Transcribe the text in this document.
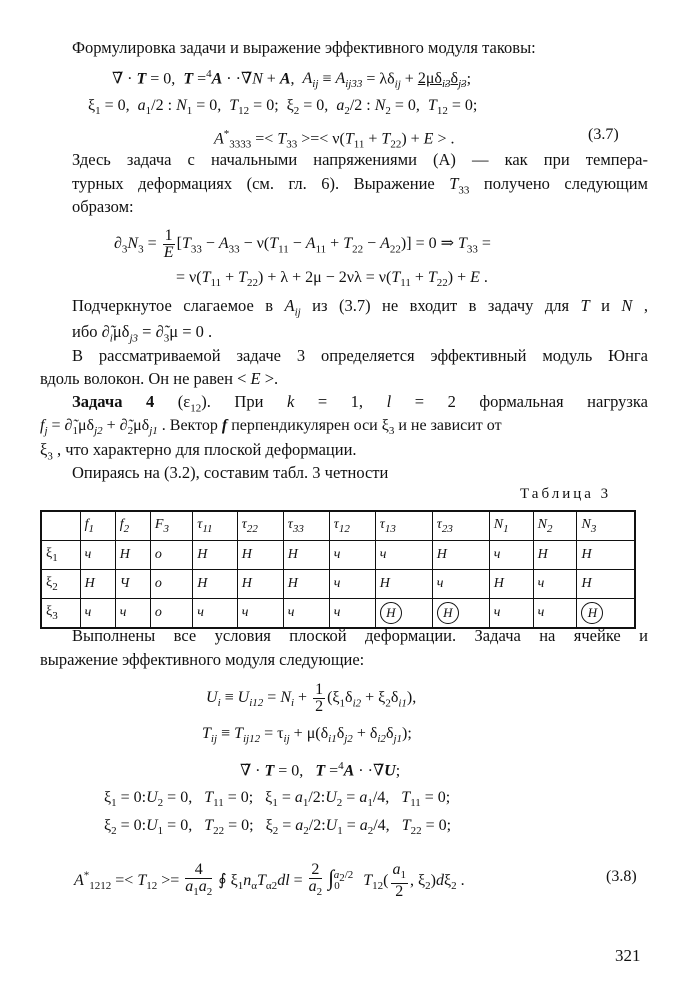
Формулировка задачи и выражение эффективного модуля таковы:
∇̃ · T = 0,  T =$^4$A · ·∇̃N + A,  $A_{ij} \equiv A_{ij33} = \lambda\delta_{ij} + 2\mu\delta_{i3}\delta_{j3}$;
$\xi_1 = 0$,  $a_1/2$ : $N_1 = 0$,  $T_{12} = 0$;  $\xi_2 = 0$,  $a_2/2$ : $N_2 = 0$,  $T_{12} = 0$;
$A^*_{3333} =< T_{33}$ >=< $\nu(T_{11} + T_{22}) + E$ > .	(3.7)
Здесь задача с начальными напряжениями (A) — как при темпера-
турных деформациях (см. гл. 6). Выражение $T_{33}$ получено следующим
образом:
$\partial_3N_3 = \frac{1}{E} [T_{33} - A_{33} - \nu(T_{11} - A_{11} + T_{22} - A_{22})] = 0$ ⇒ $T_{33}$ =
= $\nu(T_{11} + T_{22}) + \lambda + 2\mu - 2\nu\lambda = \nu(T_{11} + T_{22}) + E$ .
Подчеркнутое слагаемое в $A_{ij}$ из (3.7) не входит в задачу для T и N ,
ибо $\partial̃_i\mu\delta_{j3}$ = $\partial̃_3\mu = 0$ .
В рассматриваемой задаче 3 определяется эффективный модуль Юнга
вдоль волокон. Он не равен < E >.
Задача 4 $(\varepsilon_{12})$. При k = 1, l = 2 формальная нагрузка
$f_j$ = $\partial̃_1\mu\delta_{j2}$ + $\partial̃_2\mu\delta_{j1}$ . Вектор f перпендикулярен оси $\xi_3$ и не зависит от
$\xi_3$ , что характерно для плоской деформации.
Опираясь на (3.2), составим табл. 3 четности
Таблица 3
	$f_1$	$f_2$	$F_3$	$\tau_{11}$	$\tau_{22}$	$\tau_{33}$	$\tau_{12}$	$\tau_{13}$	$\tau_{23}$	$N_1$	$N_2$	$N_3$
$\xi_1$	ч	Н	о	Н	Н	Н	ч	ч	Н	ч	Н	Н
$\xi_2$	Н	Ч	о	Н	Н	Н	ч	Н	ч	Н	ч	Н
$\xi_3$	ч	ч	о	ч	ч	ч	ч	Н	Н	ч	ч	Н
Выполнены все условия плоской деформации. Задача на ячейке и
выражение эффективного модуля следующие:
$U_i \equiv U_{i12} = N_i + \frac{1}{2} (\xi_1\delta_{i2} + \xi_2\delta_{i1})$,
$T_{ij} \equiv T_{ij12} = \tau_{ij} + \mu(\delta_{i1}\delta_{j2} + \delta_{i2}\delta_{j1})$;
∇̃ · T = 0,   T =$^4$A · ·∇̃U;
$\xi_1$ = $0:U_2 = 0$,   $T_{11} = 0$;   $\xi_1$ = $a_1/2:U_2 = a_1/4$,   $T_{11} = 0$;
$\xi_2$ = $0:U_1 = 0$,   $T_{22} = 0$;   $\xi_2$ = $a_2/2:U_1 = a_2/4$,   $T_{22} = 0$;
$A^*_{1212} =< T_{12} >= \frac{4}{a_1a_2}$ ∮ $\xi_1n_\alpha T_{\alpha 2}dl = \frac{2}{a_2} \int_0^{a_2/2}$ $T_{12}( \frac{a_1}{2}$ , $\xi_2)d\xi_2$ .	(3.8)
321
